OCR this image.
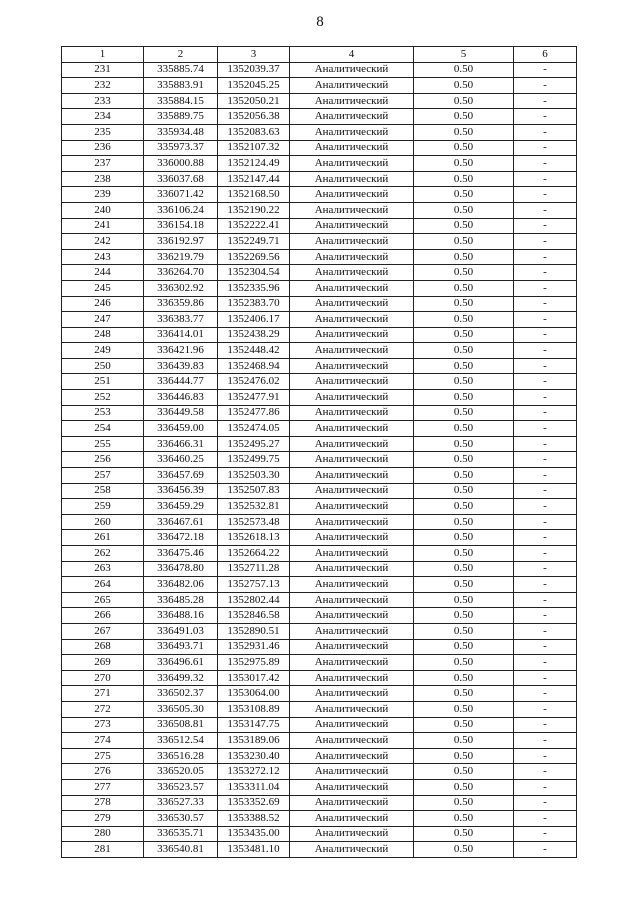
8
1	2	3	4	5	6
231	335885.74	1352039.37	Аналитический	0.50	-
232	335883.91	1352045.25	Аналитический	0.50	-
233	335884.15	1352050.21	Аналитический	0.50	-
234	335889.75	1352056.38	Аналитический	0.50	-
235	335934.48	1352083.63	Аналитический	0.50	-
236	335973.37	1352107.32	Аналитический	0.50	-
237	336000.88	1352124.49	Аналитический	0.50	-
238	336037.68	1352147.44	Аналитический	0.50	-
239	336071.42	1352168.50	Аналитический	0.50	-
240	336106.24	1352190.22	Аналитический	0.50	-
241	336154.18	1352222.41	Аналитический	0.50	-
242	336192.97	1352249.71	Аналитический	0.50	-
243	336219.79	1352269.56	Аналитический	0.50	-
244	336264.70	1352304.54	Аналитический	0.50	-
245	336302.92	1352335.96	Аналитический	0.50	-
246	336359.86	1352383.70	Аналитический	0.50	-
247	336383.77	1352406.17	Аналитический	0.50	-
248	336414.01	1352438.29	Аналитический	0.50	-
249	336421.96	1352448.42	Аналитический	0.50	-
250	336439.83	1352468.94	Аналитический	0.50	-
251	336444.77	1352476.02	Аналитический	0.50	-
252	336446.83	1352477.91	Аналитический	0.50	-
253	336449.58	1352477.86	Аналитический	0.50	-
254	336459.00	1352474.05	Аналитический	0.50	-
255	336466.31	1352495.27	Аналитический	0.50	-
256	336460.25	1352499.75	Аналитический	0.50	-
257	336457.69	1352503.30	Аналитический	0.50	-
258	336456.39	1352507.83	Аналитический	0.50	-
259	336459.29	1352532.81	Аналитический	0.50	-
260	336467.61	1352573.48	Аналитический	0.50	-
261	336472.18	1352618.13	Аналитический	0.50	-
262	336475.46	1352664.22	Аналитический	0.50	-
263	336478.80	1352711.28	Аналитический	0.50	-
264	336482.06	1352757.13	Аналитический	0.50	-
265	336485.28	1352802.44	Аналитический	0.50	-
266	336488.16	1352846.58	Аналитический	0.50	-
267	336491.03	1352890.51	Аналитический	0.50	-
268	336493.71	1352931.46	Аналитический	0.50	-
269	336496.61	1352975.89	Аналитический	0.50	-
270	336499.32	1353017.42	Аналитический	0.50	-
271	336502.37	1353064.00	Аналитический	0.50	-
272	336505.30	1353108.89	Аналитический	0.50	-
273	336508.81	1353147.75	Аналитический	0.50	-
274	336512.54	1353189.06	Аналитический	0.50	-
275	336516.28	1353230.40	Аналитический	0.50	-
276	336520.05	1353272.12	Аналитический	0.50	-
277	336523.57	1353311.04	Аналитический	0.50	-
278	336527.33	1353352.69	Аналитический	0.50	-
279	336530.57	1353388.52	Аналитический	0.50	-
280	336535.71	1353435.00	Аналитический	0.50	-
281	336540.81	1353481.10	Аналитический	0.50	-
